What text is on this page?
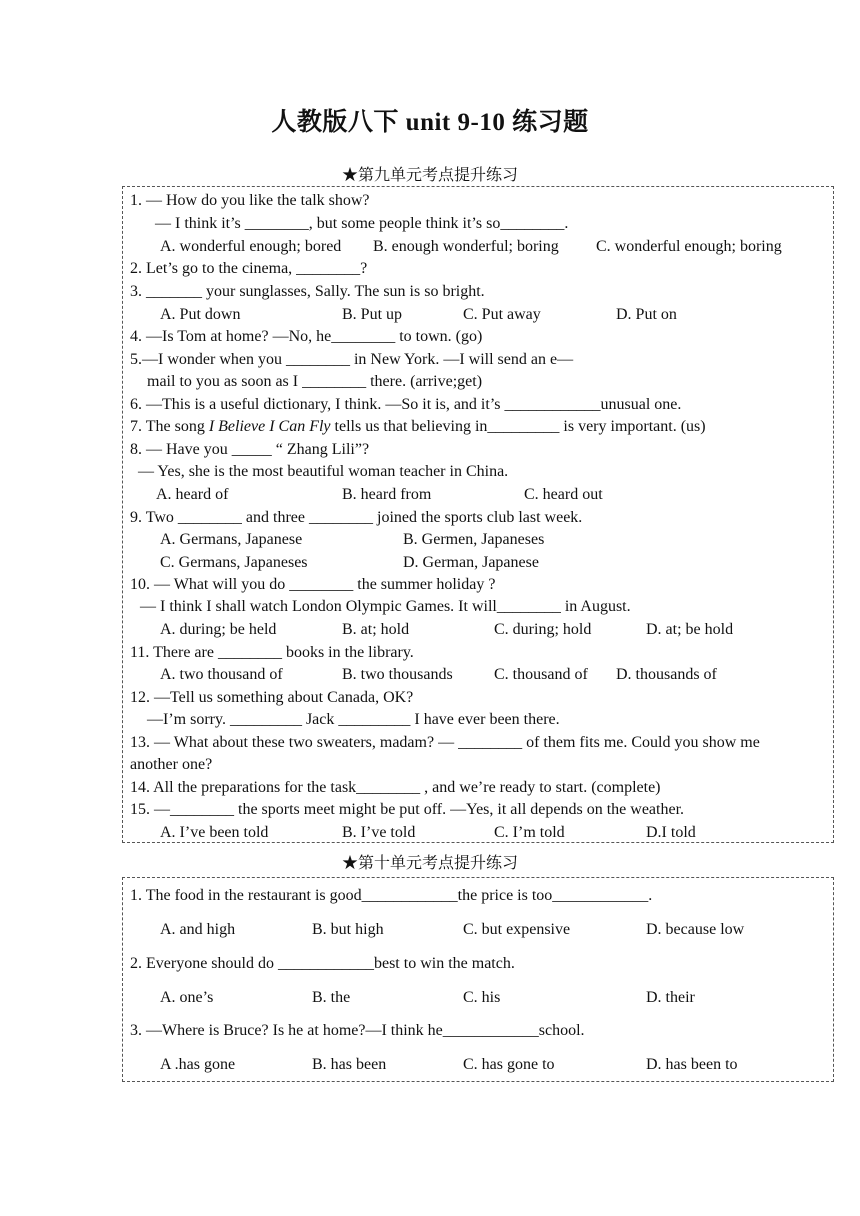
人教版八下 unit 9-10 练习题
★第九单元考点提升练习
★第十单元考点提升练习
1. — How do you like the talk show?
— I think it’s ________, but some people think it’s so________.
A. wonderful enough; bored B. enough wonderful; boring C. wonderful enough; boring
2. Let’s go to the cinema, ________?
3. _______ your sunglasses, Sally. The sun is so bright.
A. Put down	B. Put up	C. Put away	D. Put on
4. —Is Tom at home? —No, he________ to town. (go)
5.—I wonder when you ________ in New York. —I will send an e—
mail to you as soon as I ________ there. (arrive;get)
6. —This is a useful dictionary, I think. —So it is, and it’s ____________unusual one.
7. The song I Believe I Can Fly tells us that believing in_________ is very important. (us)
8. — Have you _____ “ Zhang Lili”?
— Yes, she is the most beautiful woman teacher in China.
A. heard of	B. heard from	C. heard out
9. Two ________ and three ________ joined the sports club last week.
A. Germans, Japanese	B. Germen, Japaneses
C. Germans, Japaneses	D. German, Japanese
10. — What will you do ________ the summer holiday ?
— I think I shall watch London Olympic Games. It will________ in August.
A. during; be held	B. at; hold	C. during; hold	D. at; be hold
11. There are ________ books in the library.
A. two thousand of	B. two thousands	C. thousand of D. thousands of
12. —Tell us something about Canada, OK?
—I’m sorry. _________ Jack _________ I have ever been there.
13. — What about these two sweaters, madam? — ________ of them fits me. Could you show me
another one?
14. All the preparations for the task________ , and we’re ready to start. (complete)
15. —________ the sports meet might be put off. —Yes, it all depends on the weather.
A. I’ve been told	B. I’ve told	C. I’m told	D.I told
1. The food in the restaurant is good____________the price is too____________.
A. and high	B. but high	C. but expensive	D. because low
2. Everyone should do ____________best to win the match.
A. one’s	B. the	C. his	D. their
3. —Where is Bruce? Is he at home?—I think he____________school.
A .has gone	B. has been	C. has gone to	D. has been to
